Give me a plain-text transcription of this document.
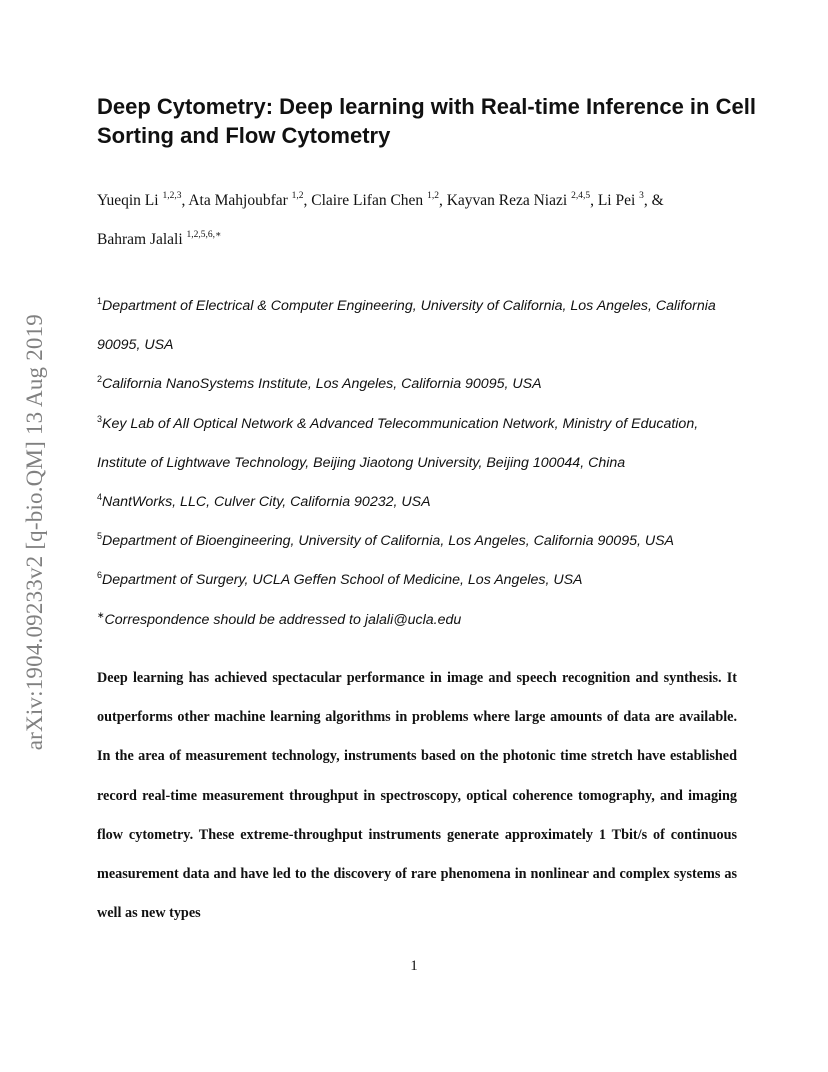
arXiv:1904.09233v2 [q-bio.QM] 13 Aug 2019
Deep Cytometry: Deep learning with Real-time Inference in Cell Sorting and Flow Cytometry
Yueqin Li $^{1,2,3}$, Ata Mahjoubfar $^{1,2}$, Claire Lifan Chen $^{1,2}$, Kayvan Reza Niazi $^{2,4,5}$, Li Pei $^3$, & Bahram Jalali $^{1,2,5,6,∗}$
$^1$Department of Electrical & Computer Engineering, University of California, Los Angeles, California 90095, USA
$^2$California NanoSystems Institute, Los Angeles, California 90095, USA
$^3$Key Lab of All Optical Network & Advanced Telecommunication Network, Ministry of Education, Institute of Lightwave Technology, Beijing Jiaotong University, Beijing 100044, China
$^4$NantWorks, LLC, Culver City, California 90232, USA
$^5$Department of Bioengineering, University of California, Los Angeles, California 90095, USA
$^6$Department of Surgery, UCLA Geffen School of Medicine, Los Angeles, USA
∗Correspondence should be addressed to jalali@ucla.edu

Deep learning has achieved spectacular performance in image and speech recognition and synthesis. It outperforms other machine learning algorithms in problems where large amounts of data are available. In the area of measurement technology, instruments based on the photonic time stretch have established record real-time measurement throughput in spectroscopy, optical coherence tomography, and imaging flow cytometry. These extreme-throughput instruments generate approximately 1 Tbit/s of continuous measurement data and have led to the discovery of rare phenomena in nonlinear and complex systems as well as new types

1
